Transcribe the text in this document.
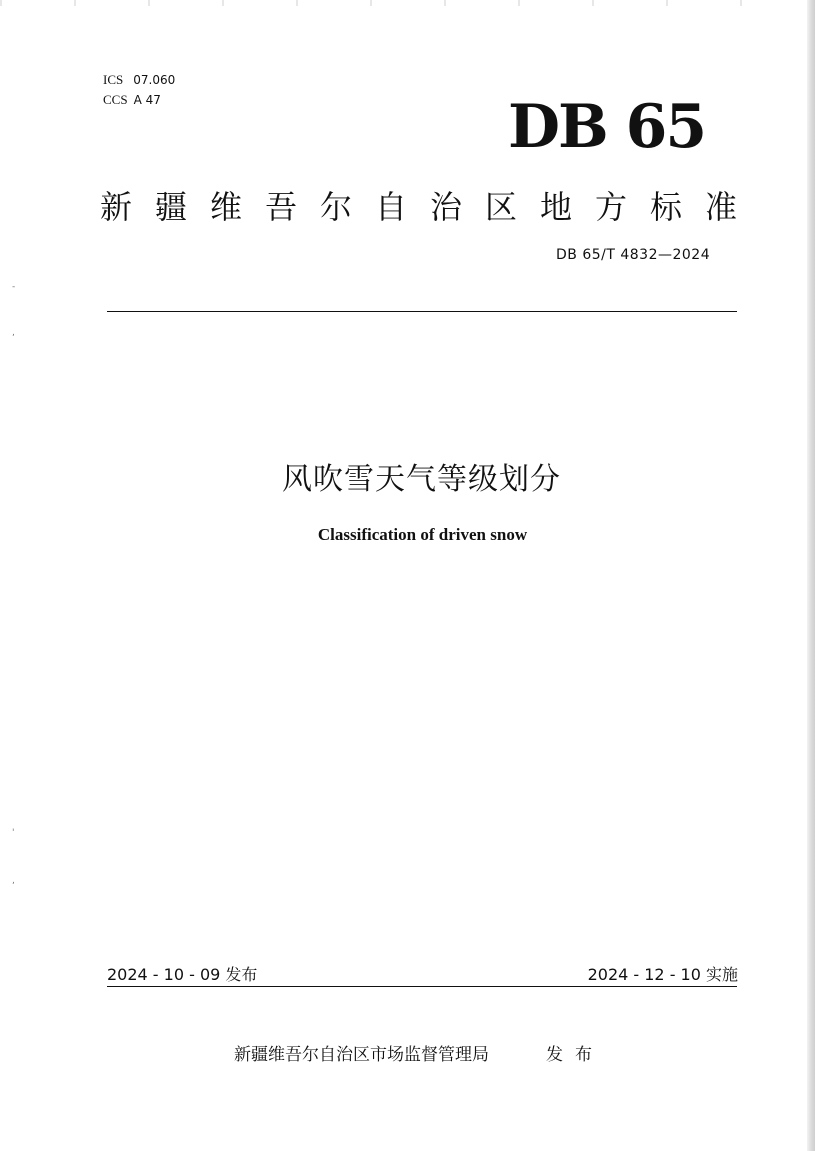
ICS 07.060
CCS A 47	DB 65
新疆维吾尔自治区地方标准
DB 65/T 4832—2024
风吹雪天气等级划分
Classification of driven snow
-
,
'
,
2024 - 10 - 09 发布	2024 - 12 - 10 实施
新疆维吾尔自治区市场监督管理局	发布
